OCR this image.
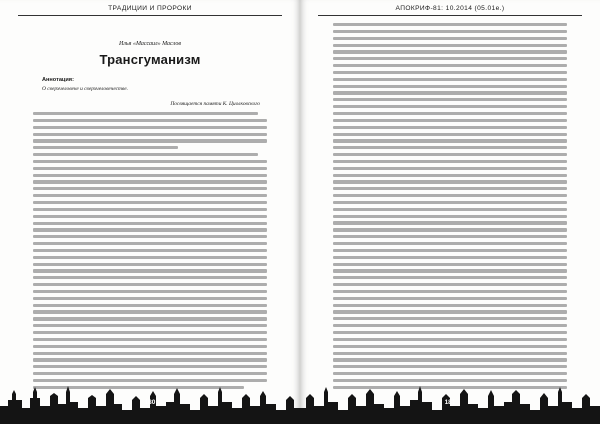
ТРАДИЦИИ И ПРОРОКИ
Илья «Массаил» Маслов
Трансгуманизм
Аннотация:
О сверхчеловеке и сверхчеловечестве.
Посвящается памяти К. Циолковского
180
АПОКРИФ-81: 10.2014 (05.01e.)
181
